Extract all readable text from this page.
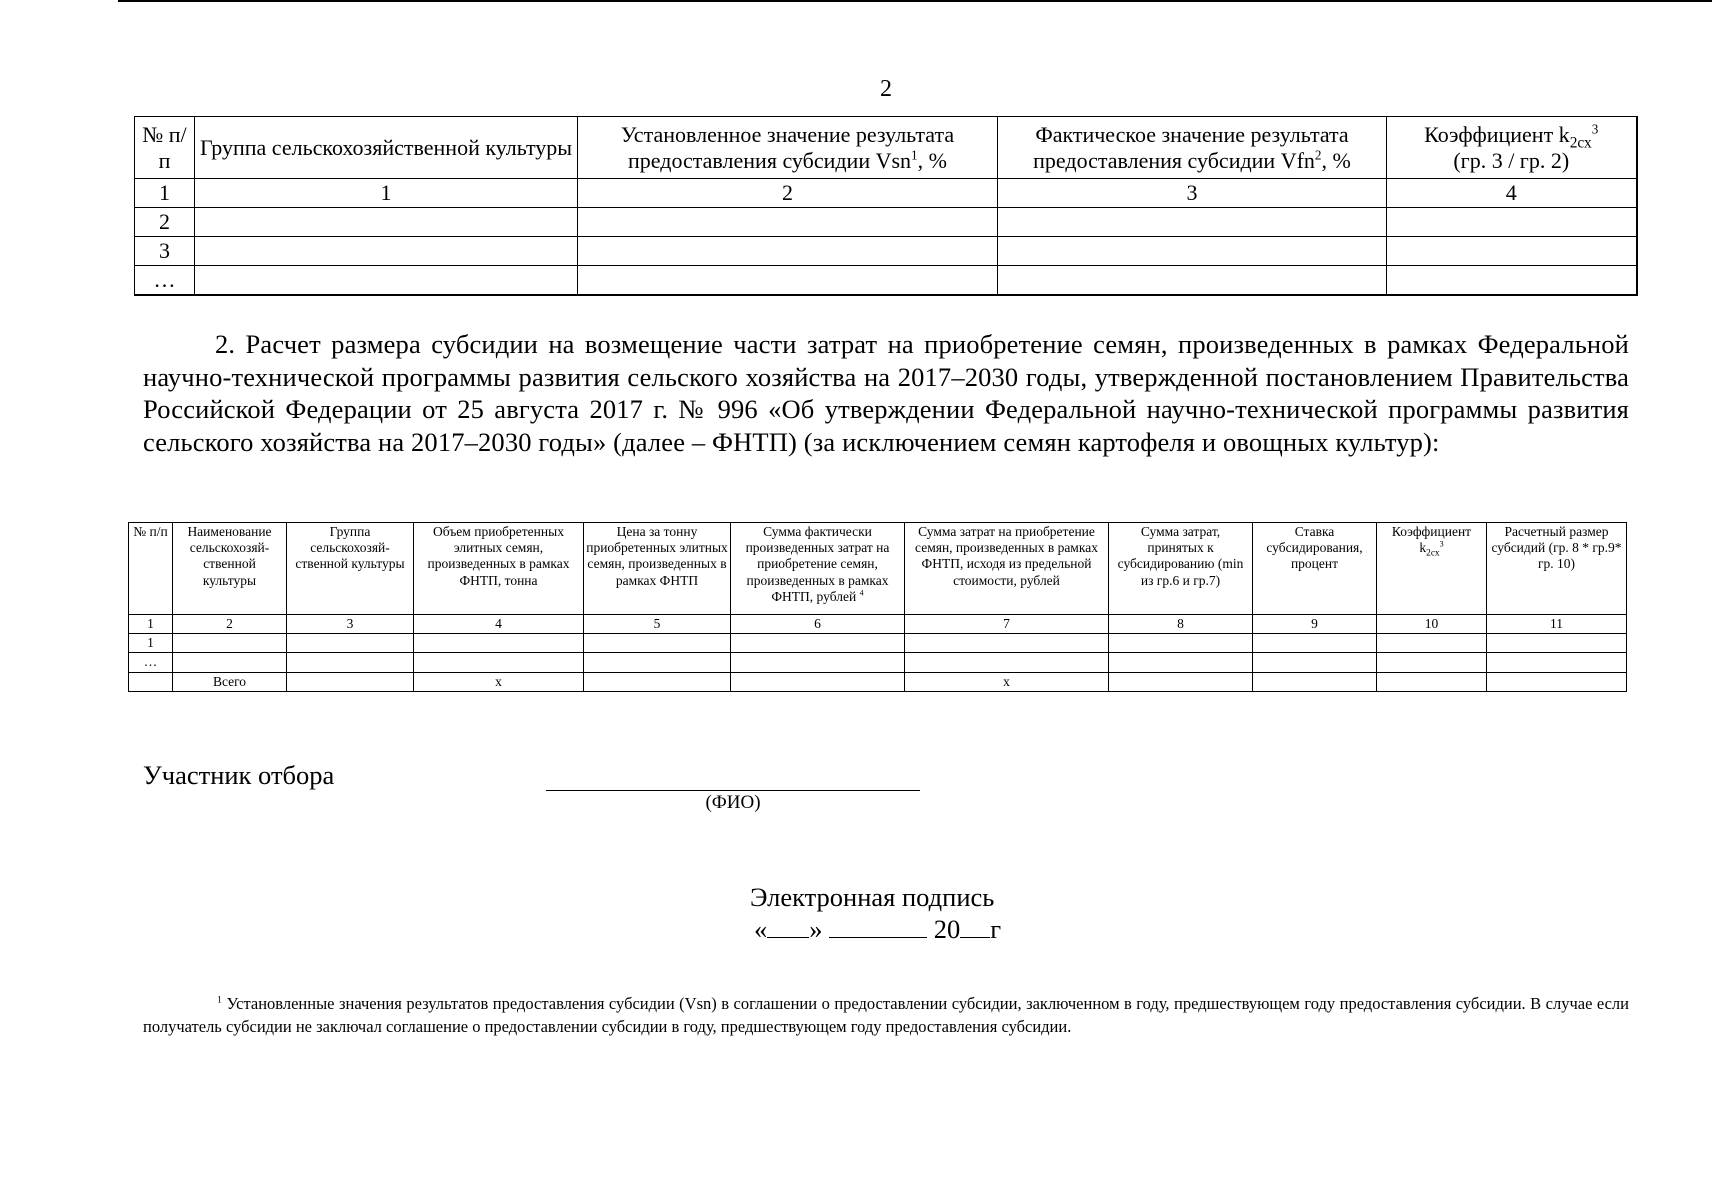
2
№ п/п	Группа сельскохозяйственной культуры	Установленное значение результата предоставления субсидии Vsn$^1$, %	Фактическое значение результата предоставления субсидии Vfn$^2$, %	Коэффициент $k_{2сх}^3$
(гр. 3 / гр. 2)
1	1	2	3	4
2				
3				
…				
2. Расчет размера субсидии на возмещение части затрат на приобретение семян, произведенных в рамках Федеральной научно-технической программы развития сельского хозяйства на 2017–2030 годы, утвержденной постановлением Правительства Российской Федерации от 25 августа 2017 г. № 996 «Об утверждении Федеральной научно-технической программы развития сельского хозяйства на 2017–2030 годы» (далее – ФНТП) (за исключением семян картофеля и овощных культур):
№ п/п	Наименование сельскохозяй-ственной культуры	Группа сельскохозяй-ственной культуры	Объем приобретенных элитных семян, произведенных в рамках ФНТП, тонна	Цена за тонну приобретенных элитных семян, произведенных в рамках ФНТП	Сумма фактически произведенных затрат на приобретение семян, произведенных в рамках ФНТП, рублей $^4$	Сумма затрат на приобретение семян, произведенных в рамках ФНТП, исходя из предельной стоимости, рублей	Сумма затрат, принятых к субсидированию (min из гр.6 и гр.7)	Ставка субсидирования, процент	Коэффициент $k_{2сх}^3$	Расчетный размер субсидий (гр. 8 * гр.9* гр. 10)
1	2	3	4	5	6	7	8	9	10	11
1										
…										
	Всего		x			x				
Участник отбора
(ФИО)
Электронная подпись
« »	20 г
$^1$ Установленные значения результатов предоставления субсидии (Vsn) в соглашении о предоставлении субсидии, заключенном в году, предшествующем году предоставления субсидии. В случае если получатель субсидии не заключал соглашение о предоставлении субсидии в году, предшествующем году предоставления субсидии.
